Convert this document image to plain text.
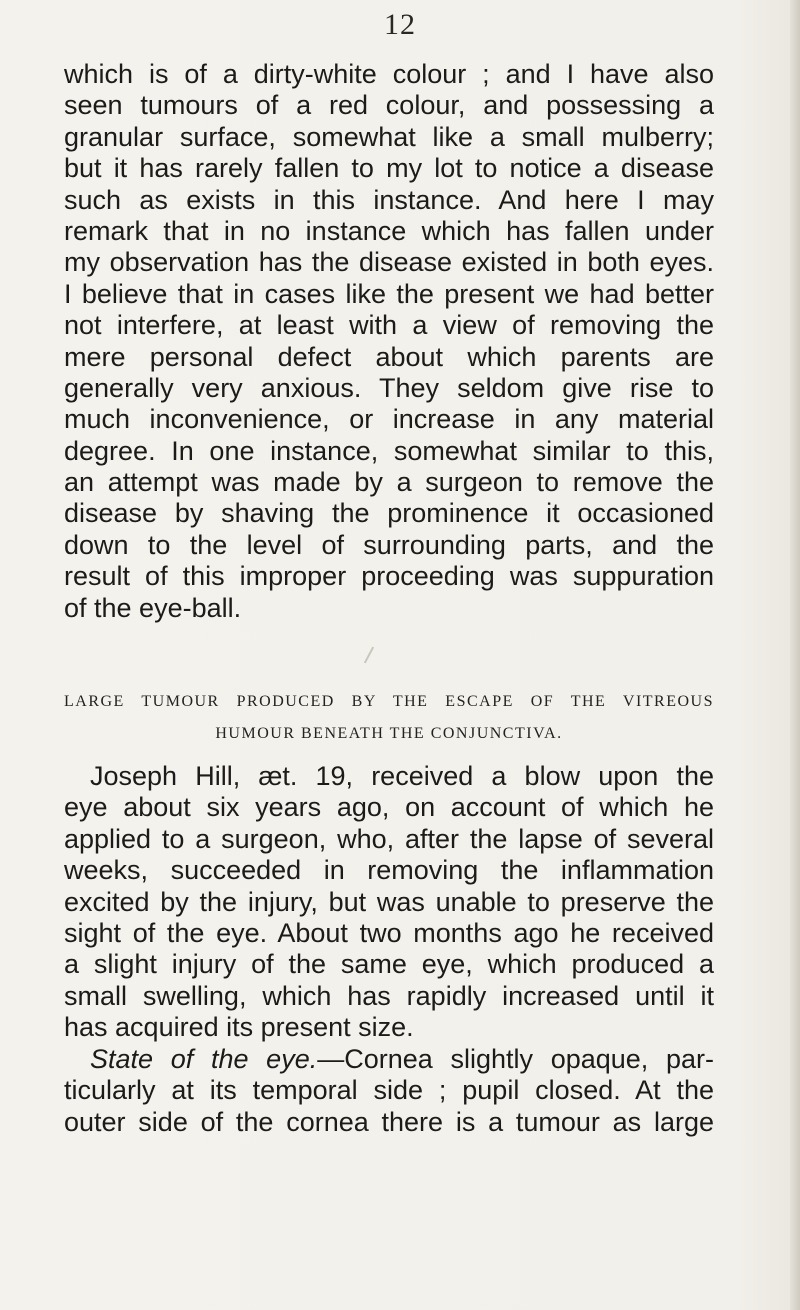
12
which is of a dirty-white colour ; and I have also
seen tumours of a red colour, and possessing a
granular surface, somewhat like a small mulberry;
but it has rarely fallen to my lot to notice a disease
such as exists in this instance. And here I may
remark that in no instance which has fallen under
my observation has the disease existed in both eyes.
I believe that in cases like the present we had better
not interfere, at least with a view of removing the
mere personal defect about which parents are
generally very anxious. They seldom give rise to
much inconvenience, or increase in any material
degree. In one instance, somewhat similar to this,
an attempt was made by a surgeon to remove the
disease by shaving the prominence it occasioned
down to the level of surrounding parts, and the
result of this improper proceeding was suppuration
of the eye-ball.
LARGE TUMOUR PRODUCED BY THE ESCAPE OF THE VITREOUS
HUMOUR BENEATH THE CONJUNCTIVA.
Joseph Hill, æt. 19, received a blow upon the
eye about six years ago, on account of which he
applied to a surgeon, who, after the lapse of several
weeks, succeeded in removing the inflammation
excited by the injury, but was unable to preserve the
sight of the eye. About two months ago he received
a slight injury of the same eye, which produced a
small swelling, which has rapidly increased until it
has acquired its present size.
State of the eye.—Cornea slightly opaque, par-
ticularly at its temporal side ; pupil closed. At the
outer side of the cornea there is a tumour as large
